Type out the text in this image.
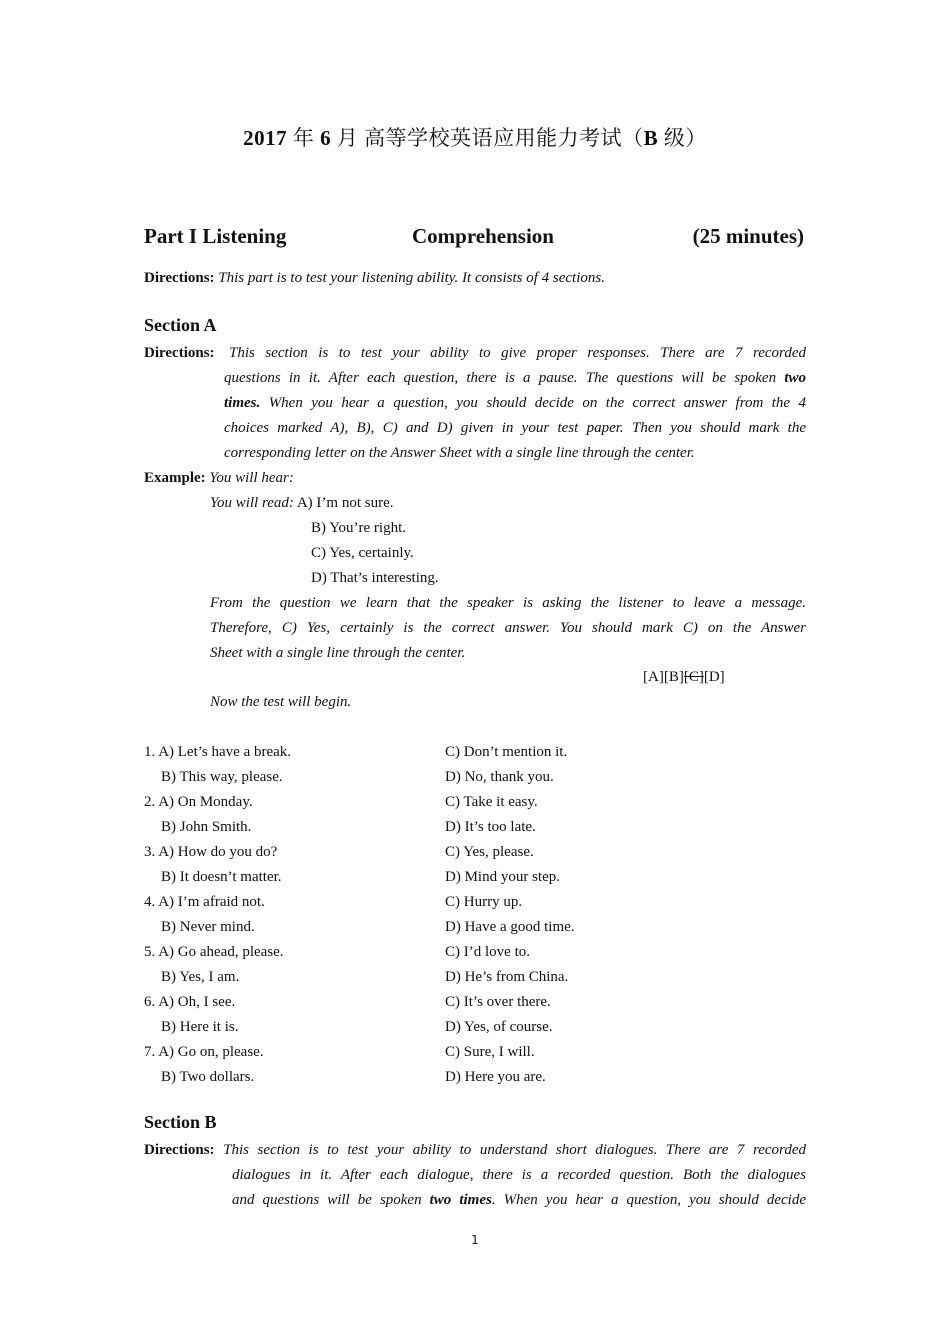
2017 年 6 月 高等学校英语应用能力考试（B 级）
Part I Listening	Comprehension	(25 minutes)
Directions: This part is to test your listening ability. It consists of 4 sections.
Section A
Directions: This section is to test your ability to give proper responses. There are 7 recorded
questions in it. After each question, there is a pause. The questions will be spoken two
times. When you hear a question, you should decide on the correct answer from the 4
choices marked A), B), C) and D) given in your test paper. Then you should mark the
corresponding letter on the Answer Sheet with a single line through the center.
Example: You will hear:
You will read: A) I’m not sure.
B) You’re right.
C) Yes, certainly.
D) That’s interesting.
From the question we learn that the speaker is asking the listener to leave a message.
Therefore, C) Yes, certainly is the correct answer. You should mark C) on the Answer
Sheet with a single line through the center.
[A][B][C][D]
Now the test will begin.
1. A) Let’s have a break.	C) Don’t mention it.
B) This way, please.	D) No, thank you.
2. A) On Monday.	C) Take it easy.
B) John Smith.	D) It’s too late.
3. A) How do you do?	C) Yes, please.
B) It doesn’t matter.	D) Mind your step.
4. A) I’m afraid not.	C) Hurry up.
B) Never mind.	D) Have a good time.
5. A) Go ahead, please.	C) I’d love to.
B) Yes, I am.	D) He’s from China.
6. A) Oh, I see.	C) It’s over there.
B) Here it is.	D) Yes, of course.
7. A) Go on, please.	C) Sure, I will.
B) Two dollars.	D) Here you are.
Section B
Directions: This section is to test your ability to understand short dialogues. There are 7 recorded
dialogues in it. After each dialogue, there is a recorded question. Both the dialogues
and questions will be spoken two times. When you hear a question, you should decide
1
